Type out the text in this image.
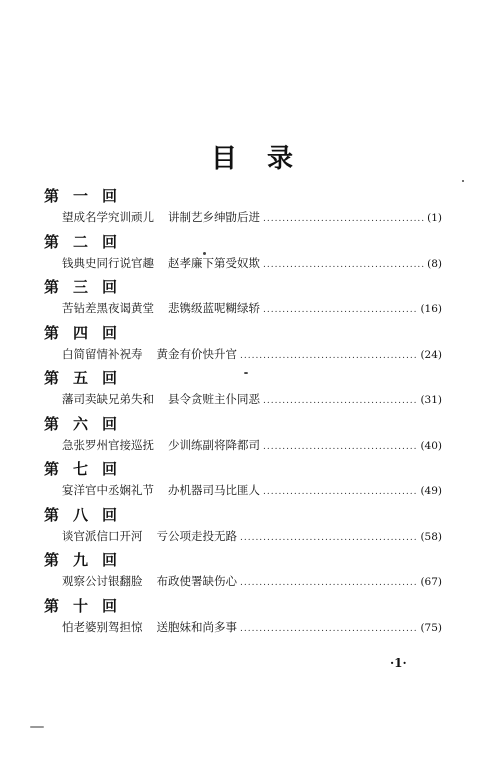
目录
第一回
望成名学究训顽儿 讲制艺乡绅勖后进 .....	(1)
第二回
钱典史同行说官趣 赵孝廉下第受奴欺 .....	(8)
第三回
苦钻差黑夜谒黄堂 悲镌级蓝呢糊绿轿 .....	(16)
第四回
白简留情补祝寿 黄金有价快升官 .....	(24)
第五回
藩司卖缺兄弟失和 县令贪赃主仆同恶 .....	(31)
第六回
急张罗州官接巡抚 少训练副将降都司 .....	(40)
第七回
宴洋官中丞娴礼节 办机器司马比匪人 .....	(49)
第八回
谈官派信口开河 亏公项走投无路 .....	(58)
第九回
观察公讨银翻脸 布政使署缺伤心 .....	(67)
第十回
怕老婆别驾担惊 送胞妹和尚多事 .....	(75)
·1·
